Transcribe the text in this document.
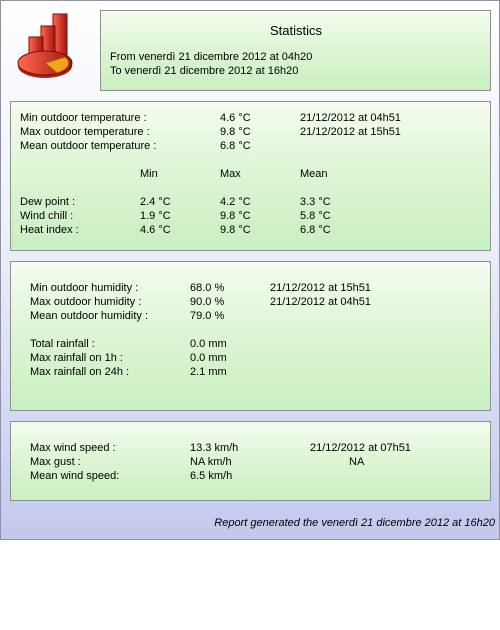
Statistics
From venerdì 21 dicembre 2012 at 04h20
To venerdì 21 dicembre 2012 at 16h20
Min outdoor temperature :	4.6 °C	21/12/2012 at 04h51
Max outdoor temperature :	9.8 °C	21/12/2012 at 15h51
Mean outdoor temperature :	6.8 °C
Min	Max	Mean
Dew point :	2.4 °C	4.2 °C	3.3 °C
Wind chill :	1.9 °C	9.8 °C	5.8 °C
Heat index :	4.6 °C	9.8 °C	6.8 °C
Min outdoor humidity :	68.0 %	21/12/2012 at 15h51
Max outdoor humidity :	90.0 %	21/12/2012 at 04h51
Mean outdoor humidity :	79.0 %
Total rainfall :	0.0 mm
Max rainfall on 1h :	0.0 mm
Max rainfall on 24h :	2.1 mm
Max wind speed :	13.3 km/h	21/12/2012 at 07h51
Max gust :	NA km/h	NA
Mean wind speed:	6.5 km/h
Report generated the venerdì 21 dicembre 2012 at 16h20
